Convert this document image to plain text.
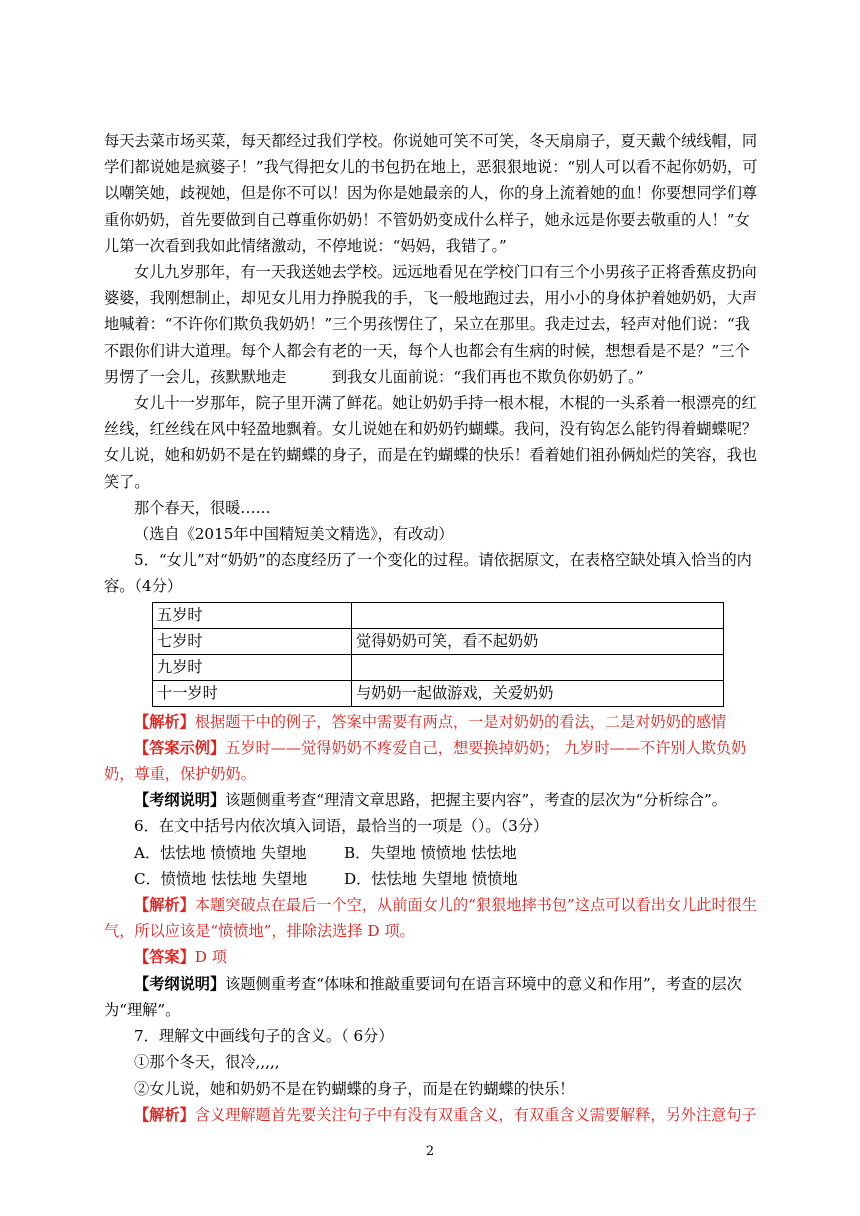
每天去菜市场买菜，每天都经过我们学校。你说她可笑不可笑，冬天扇扇子，夏天戴个绒线帽，同学们都说她是疯婆子！”我气得把女儿的书包扔在地上，恶狠狠地说：“别人可以看不起你奶奶，可以嘲笑她，歧视她，但是你不可以！因为你是她最亲的人，你的身上流着她的血！你要想同学们尊重你奶奶，首先要做到自己尊重你奶奶！不管奶奶变成什么样子，她永远是你要去敬重的人！”女儿第一次看到我如此情绪激动，不停地说：“妈妈，我错了。”

女儿九岁那年，有一天我送她去学校。远远地看见在学校门口有三个小男孩子正将香蕉皮扔向婆婆，我刚想制止，却见女儿用力挣脱我的手，飞一般地跑过去，用小小的身体护着她奶奶，大声地喊着：“不许你们欺负我奶奶！”三个男孩愣住了，呆立在那里。我走过去，轻声对他们说：“我不跟你们讲大道理。每个人都会有老的一天，每个人也都会有生病的时候，想想看是不是？”三个男愣了一会儿，孩默默地走　　　到我女儿面前说：“我们再也不欺负你奶奶了。”

女儿十一岁那年，院子里开满了鲜花。她让奶奶手持一根木棍，木棍的一头系着一根漂亮的红丝线，红丝线在风中轻盈地飘着。女儿说她在和奶奶钓蝴蝶。我问，没有钩怎么能钓得着蝴蝶呢？女儿说，她和奶奶不是在钓蝴蝶的身子，而是在钓蝴蝶的快乐！看着她们祖孙俩灿烂的笑容，我也笑了。

那个春天，很暖……

（选自《2015年中国精短美文精选》，有改动）

5．“女儿”对“奶奶”的态度经历了一个变化的过程。请依据原文，在表格空缺处填入恰当的内容。（4分）

五岁时	
七岁时	觉得奶奶可笑，看不起奶奶
九岁时	
十一岁时	与奶奶一起做游戏，关爱奶奶

【解析】根据题干中的例子，答案中需要有两点，一是对奶奶的看法，二是对奶奶的感情

【答案示例】五岁时——觉得奶奶不疼爱自己，想要换掉奶奶； 九岁时——不许别人欺负奶奶，尊重，保护奶奶。

【考纲说明】该题侧重考查“理清文章思路，把握主要内容”，考查的层次为“分析综合”。

6．在文中括号内依次填入词语，最恰当的一项是（）。（3分）

A．怯怯地 愤愤地 失望地 B．失望地 愤愤地 怯怯地

C．愤愤地 怯怯地 失望地 D．怯怯地 失望地 愤愤地

【解析】本题突破点在最后一个空，从前面女儿的“狠狠地摔书包”这点可以看出女儿此时很生气，所以应该是“愤愤地”，排除法选择 D 项。

【答案】D 项

【考纲说明】该题侧重考查“体味和推敲重要词句在语言环境中的意义和作用”，考查的层次为“理解”。

7．理解文中画线句子的含义。（ 6分）

①那个冬天，很冷,,,,,

②女儿说，她和奶奶不是在钓蝴蝶的身子，而是在钓蝴蝶的快乐！

【解析】含义理解题首先要关注句子中有没有双重含义，有双重含义需要解释，另外注意句子

2
